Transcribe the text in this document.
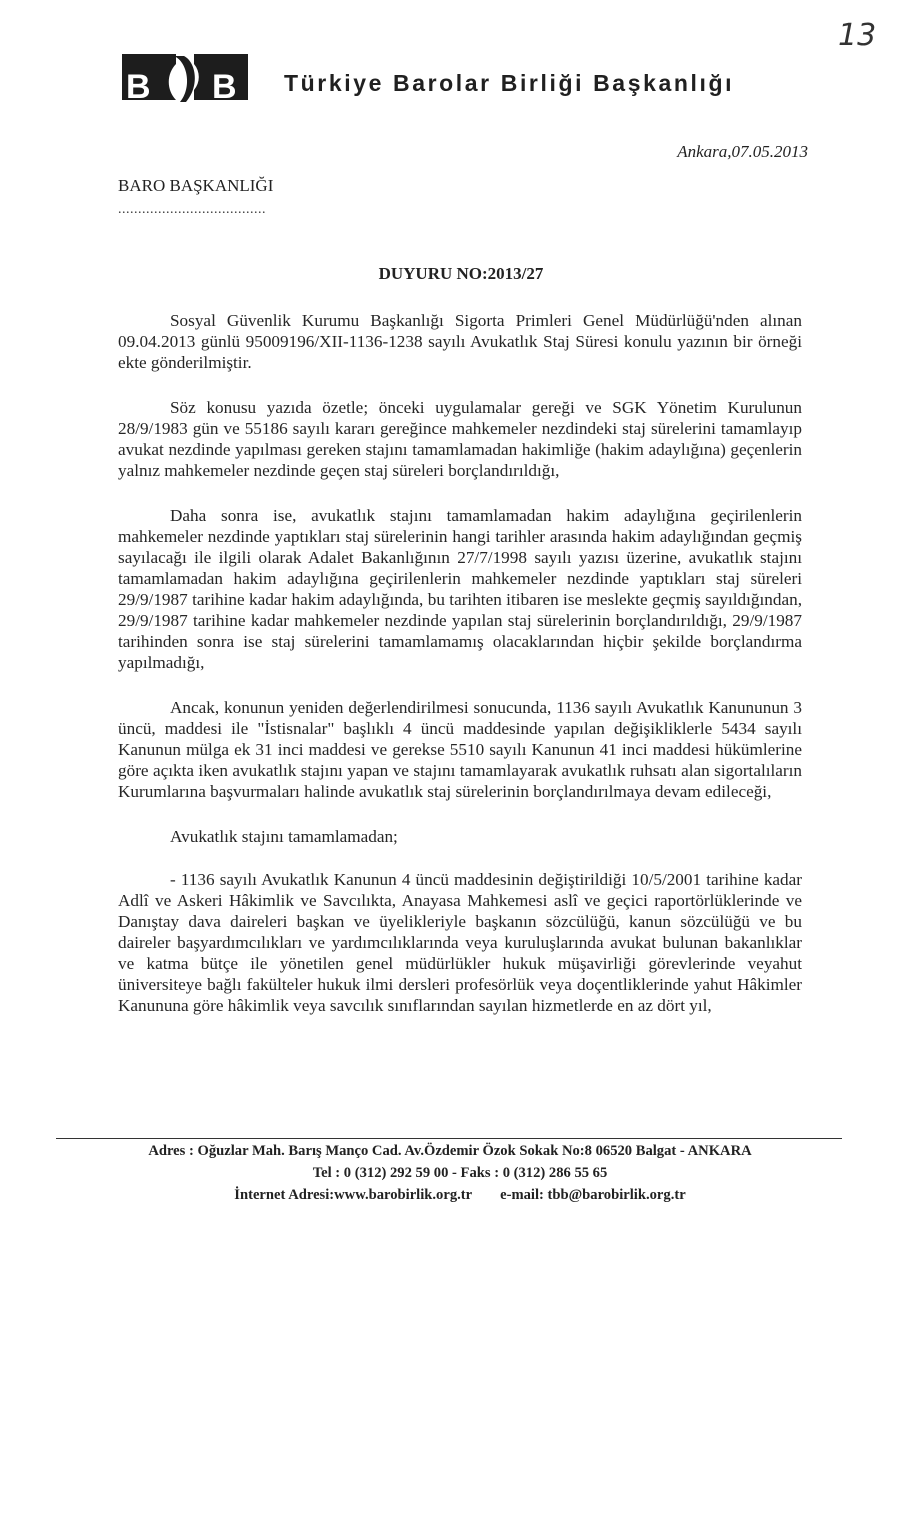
13
B B Türkiye Barolar Birliği Başkanlığı
Ankara,07.05.2013
BARO BAŞKANLIĞI
.....................................
DUYURU NO:2013/27

Sosyal Güvenlik Kurumu Başkanlığı Sigorta Primleri Genel Müdürlüğü'nden alınan 09.04.2013 günlü 95009196/XII-1136-1238 sayılı Avukatlık Staj Süresi konulu yazının bir örneği ekte gönderilmiştir.

Söz konusu yazıda özetle; önceki uygulamalar gereği ve SGK Yönetim Kurulunun 28/9/1983 gün ve 55186 sayılı kararı gereğince mahkemeler nezdindeki staj sürelerini tamamlayıp avukat nezdinde yapılması gereken stajını tamamlamadan hakimliğe (hakim adaylığına) geçenlerin yalnız mahkemeler nezdinde geçen staj süreleri borçlandırıldığı,

Daha sonra ise, avukatlık stajını tamamlamadan hakim adaylığına geçirilenlerin mahkemeler nezdinde yaptıkları staj sürelerinin hangi tarihler arasında hakim adaylığından geçmiş sayılacağı ile ilgili olarak Adalet Bakanlığının 27/7/1998 sayılı yazısı üzerine, avukatlık stajını tamamlamadan hakim adaylığına geçirilenlerin mahkemeler nezdinde yaptıkları staj süreleri 29/9/1987 tarihine kadar hakim adaylığında, bu tarihten itibaren ise meslekte geçmiş sayıldığından, 29/9/1987 tarihine kadar mahkemeler nezdinde yapılan staj sürelerinin borçlandırıldığı, 29/9/1987 tarihinden sonra ise staj sürelerini tamamlamamış olacaklarından hiçbir şekilde borçlandırma yapılmadığı,

Ancak, konunun yeniden değerlendirilmesi sonucunda, 1136 sayılı Avukatlık Kanununun 3 üncü, maddesi ile "İstisnalar" başlıklı 4 üncü maddesinde yapılan değişikliklerle 5434 sayılı Kanunun mülga ek 31 inci maddesi ve gerekse 5510 sayılı Kanunun 41 inci maddesi hükümlerine göre açıkta iken avukatlık stajını yapan ve stajını tamamlayarak avukatlık ruhsatı alan sigortalıların Kurumlarına başvurmaları halinde avukatlık staj sürelerinin borçlandırılmaya devam edileceği,

Avukatlık stajını tamamlamadan;

- 1136 sayılı Avukatlık Kanunun 4 üncü maddesinin değiştirildiği 10/5/2001 tarihine kadar Adlî ve Askeri Hâkimlik ve Savcılıkta, Anayasa Mahkemesi aslî ve geçici raportörlüklerinde ve Danıştay dava daireleri başkan ve üyelikleriyle başkanın sözcülüğü, kanun sözcülüğü ve bu daireler başyardımcılıkları ve yardımcılıklarında veya kuruluşlarında avukat bulunan bakanlıklar ve katma bütçe ile yönetilen genel müdürlükler hukuk müşavirliği görevlerinde veyahut üniversiteye bağlı fakülteler hukuk ilmi dersleri profesörlük veya doçentliklerinde yahut Hâkimler Kanununa göre hâkimlik veya savcılık sınıflarından sayılan hizmetlerde en az dört yıl,

Adres : Oğuzlar Mah. Barış Manço Cad. Av.Özdemir Özok Sokak No:8 06520 Balgat - ANKARA
Tel : 0 (312) 292 59 00 - Faks : 0 (312) 286 55 65
İnternet Adresi:www.barobirlik.org.tr e-mail: tbb@barobirlik.org.tr
